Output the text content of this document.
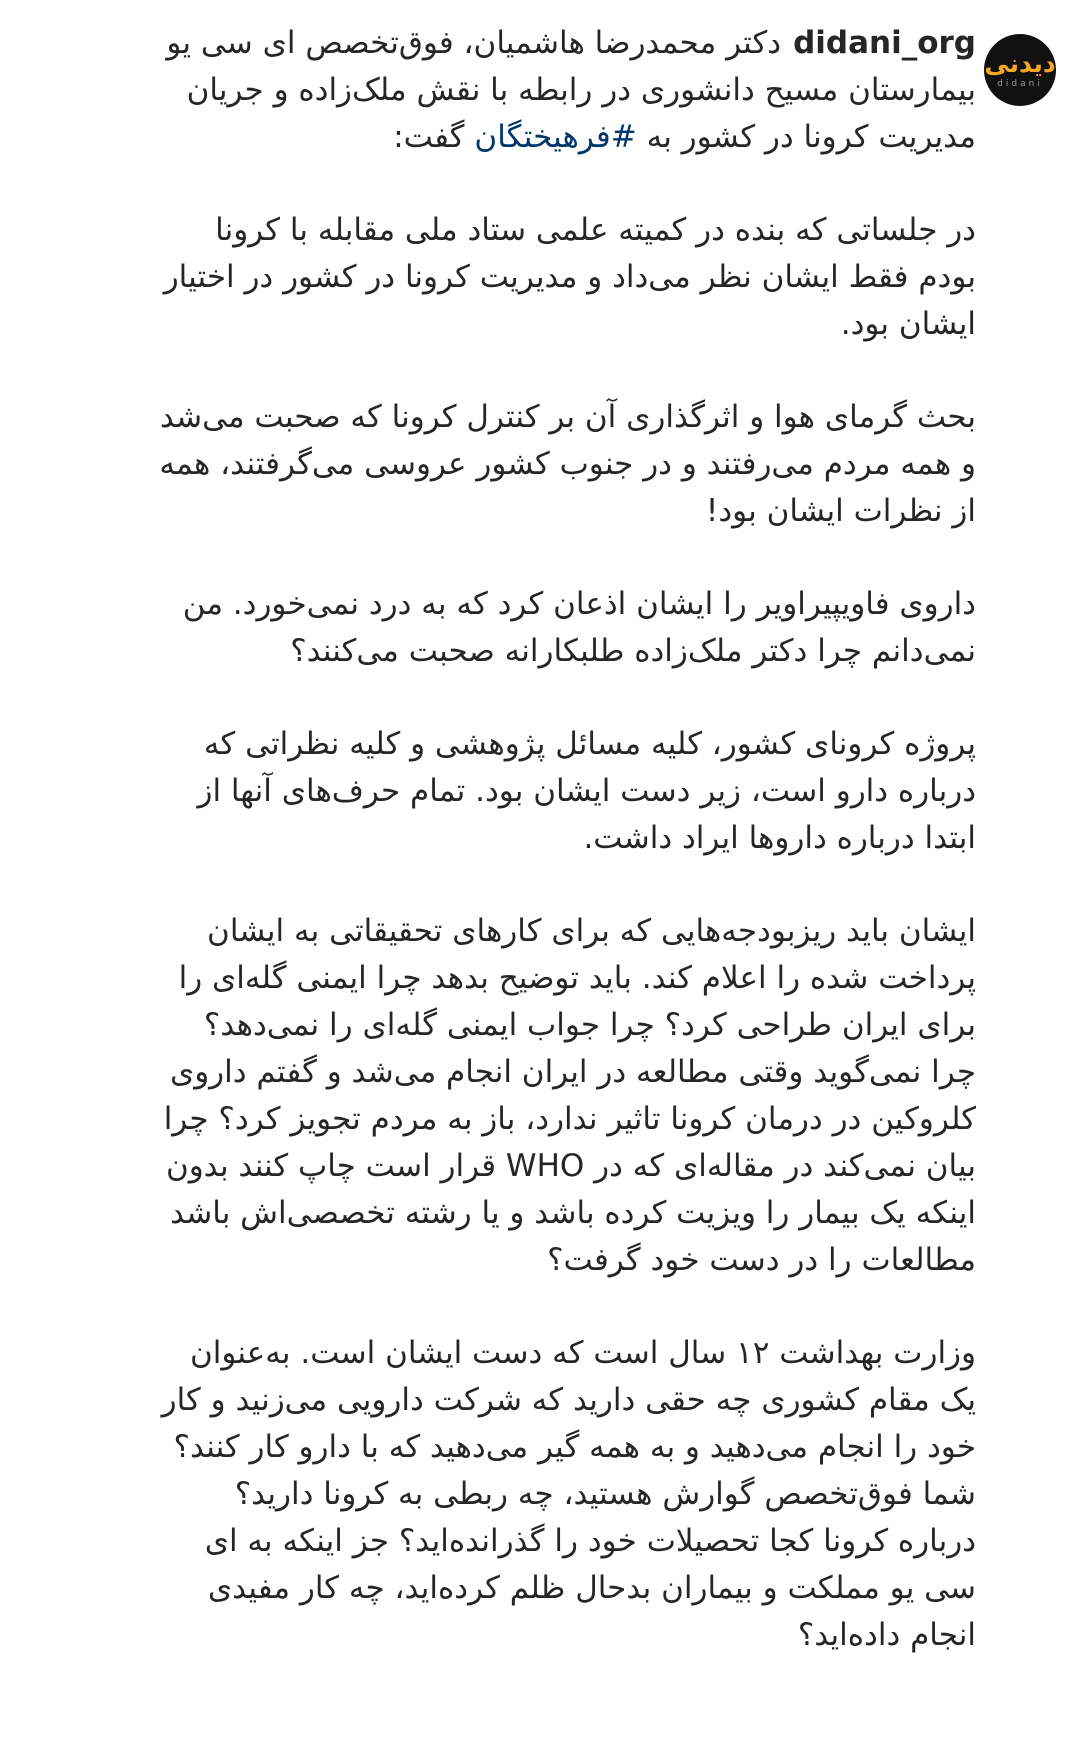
دیدنی
didani

didani_orgدکتر محمدرضا هاشمیان، فوق‌تخصص ای سی یو بیمارستان مسیح دانشوری در رابطه با نقش ملک‌زاده و جریان مدیریت کرونا در کشور به #فرهیختگان گفت:

در جلساتی که بنده در کمیته علمی ستاد ملی مقابله با کرونا بودم فقط ایشان نظر می‌داد و مدیریت کرونا در کشور در اختیار ایشان بود.

بحث گرمای هوا و اثرگذاری آن بر کنترل کرونا که صحبت می‌شد و همه مردم می‌رفتند و در جنوب کشور عروسی می‌گرفتند، همه از نظرات ایشان بود!

داروی فاویپیراویر را ایشان اذعان کرد که به درد نمی‌خورد. من نمی‌دانم چرا دکتر ملک‌زاده طلبکارانه صحبت می‌کنند؟

پروژه کرونای کشور، کلیه مسائل پژوهشی و کلیه نظراتی که درباره دارو است، زیر دست ایشان بود. تمام حرف‌های آنها از ابتدا درباره داروها ایراد داشت.

ایشان باید ریزبودجه‌هایی که برای کارهای تحقیقاتی به ایشان پرداخت شده را اعلام کند. باید توضیح بدهد چرا ایمنی گله‌ای را برای ایران طراحی کرد؟ چرا جواب ایمنی گله‌ای را نمی‌دهد؟ چرا نمی‌گوید وقتی مطالعه در ایران انجام می‌شد و گفتم داروی کلروکین در درمان کرونا تاثیر ندارد، باز به مردم تجویز کرد؟ چرا بیان نمی‌کند در مقاله‌ای که در WHO قرار است چاپ کنند بدون اینکه یک بیمار را ویزیت کرده باشد و یا رشته تخصصی‌اش باشد مطالعات را در دست خود گرفت؟

وزارت بهداشت ۱۲ سال است که دست ایشان است. به‌عنوان یک مقام کشوری چه حقی دارید که شرکت دارویی می‌زنید و کار خود را انجام می‌دهید و به همه گیر می‌دهید که با دارو کار کنند؟ شما فوق‌تخصص گوارش هستید، چه ربطی به کرونا دارید؟ درباره کرونا کجا تحصیلات خود را گذرانده‌اید؟ جز اینکه به ای سی یو مملکت و بیماران بدحال ظلم کرده‌اید، چه کار مفیدی انجام داده‌اید؟
